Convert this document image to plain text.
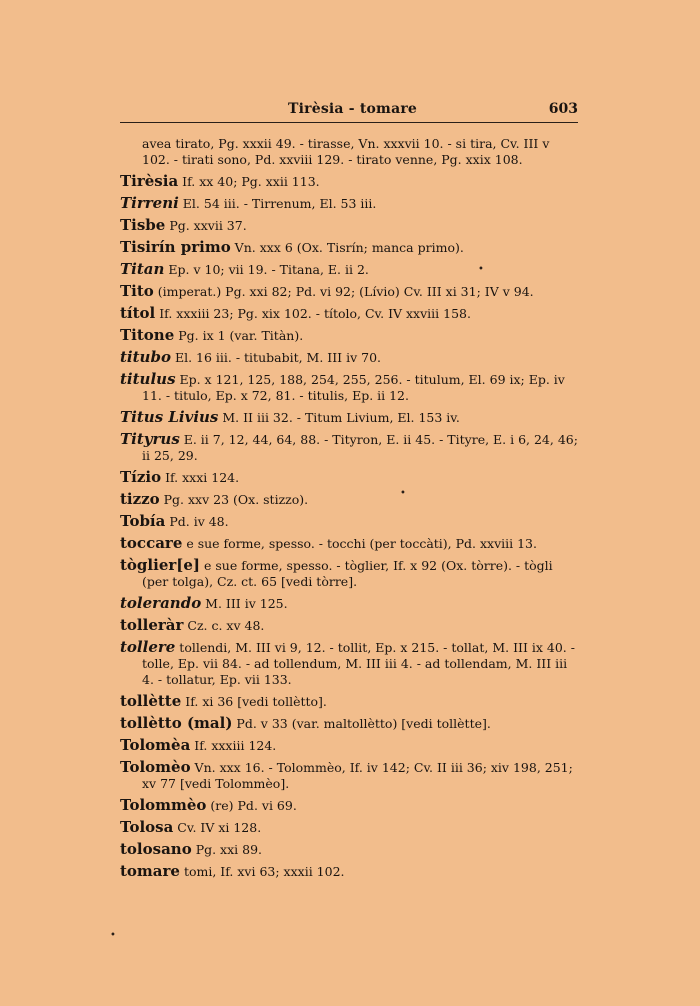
Tirèsia - tomare	603
avea tirato, Pg. xxxii 49. - tirasse, Vn. xxxvii 10. - si tira, Cv. III v 102. - tirati sono, Pd. xxviii 129. - tirato venne, Pg. xxix 108.
Tirèsia If. xx 40; Pg. xxii 113.
Tirreni El. 54 iii. - Tirrenum, El. 53 iii.
Tisbe Pg. xxvii 37.
Tisirín primo Vn. xxx 6 (Ox. Tisrín; manca primo).
Titan Ep. v 10; vii 19. - Titana, E. ii 2.
Tito (imperat.) Pg. xxi 82; Pd. vi 92; (Lívio) Cv. III xi 31; IV v 94.
títol If. xxxiii 23; Pg. xix 102. - títolo, Cv. IV xxviii 158.
Titone Pg. ix 1 (var. Titàn).
titubo El. 16 iii. - titubabit, M. III iv 70.
titulus Ep. x 121, 125, 188, 254, 255, 256. - titulum, El. 69 ix; Ep. iv 11. - titulo, Ep. x 72, 81. - titulis, Ep. ii 12.
Titus Livius M. II iii 32. - Titum Livium, El. 153 iv.
Tityrus E. ii 7, 12, 44, 64, 88. - Tityron, E. ii 45. - Tityre, E. i 6, 24, 46; ii 25, 29.
Tízio If. xxxi 124.
tizzo Pg. xxv 23 (Ox. stizzo).
Tobía Pd. iv 48.
toccare e sue forme, spesso. - tocchi (per toccàti), Pd. xxviii 13.
tòglier[e] e sue forme, spesso. - tòglier, If. x 92 (Ox. tòrre). - tògli (per tolga), Cz. ct. 65 [vedi tòrre].
tolerando M. III iv 125.
tolleràr Cz. c. xv 48.
tollere tollendi, M. III vi 9, 12. - tollit, Ep. x 215. - tollat, M. III ix 40. - tolle, Ep. vii 84. - ad tollendum, M. III iii 4. - ad tollendam, M. III iii 4. - tollatur, Ep. vii 133.
tollètte If. xi 36 [vedi tollètto].
tollètto (mal) Pd. v 33 (var. maltollètto) [vedi tollètte].
Tolomèa If. xxxiii 124.
Tolomèo Vn. xxx 16. - Tolommèo, If. iv 142; Cv. II iii 36; xiv 198, 251; xv 77 [vedi Tolommèo].
Tolommèo (re) Pd. vi 69.
Tolosa Cv. IV xi 128.
tolosano Pg. xxi 89.
tomare tomi, If. xvi 63; xxxii 102.
•
•
•
